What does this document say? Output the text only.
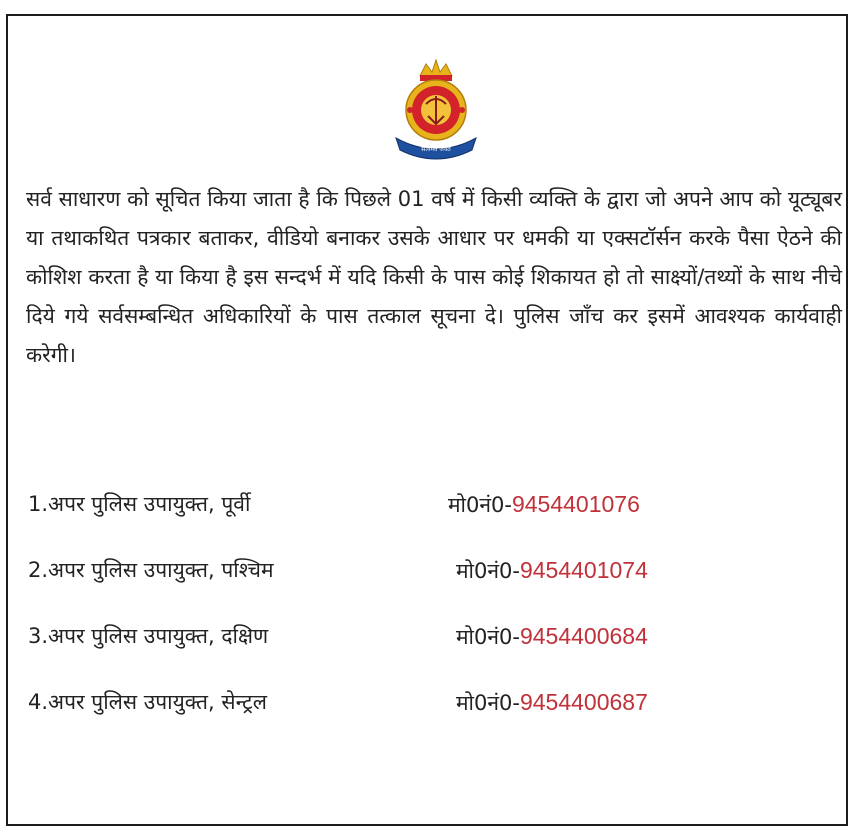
सत्यमेव जयते

सर्व साधारण को सूचित किया जाता है कि पिछले 01 वर्ष में किसी व्यक्ति के द्वारा जो अपने आप को यूट्यूबर या तथाकथित पत्रकार बताकर, वीडियो बनाकर उसके आधार पर धमकी या एक्सटॉर्सन करके पैसा ऐठने की कोशिश करता है या किया है इस सन्दर्भ में यदि किसी के पास कोई शिकायत हो तो साक्ष्यों/तथ्यों के साथ नीचे दिये गये सर्वसम्बन्धित अधिकारियों के पास तत्काल सूचना दे। पुलिस जाँच कर इसमें आवश्यक कार्यवाही करेगी।

1.अपर पुलिस उपायुक्त, पूर्वी	मो0नं0-9454401076
2.अपर पुलिस उपायुक्त, पश्चिम	मो0नं0-9454401074
3.अपर पुलिस उपायुक्त, दक्षिण	मो0नं0-9454400684
4.अपर पुलिस उपायुक्त, सेन्ट्रल	मो0नं0-9454400687
